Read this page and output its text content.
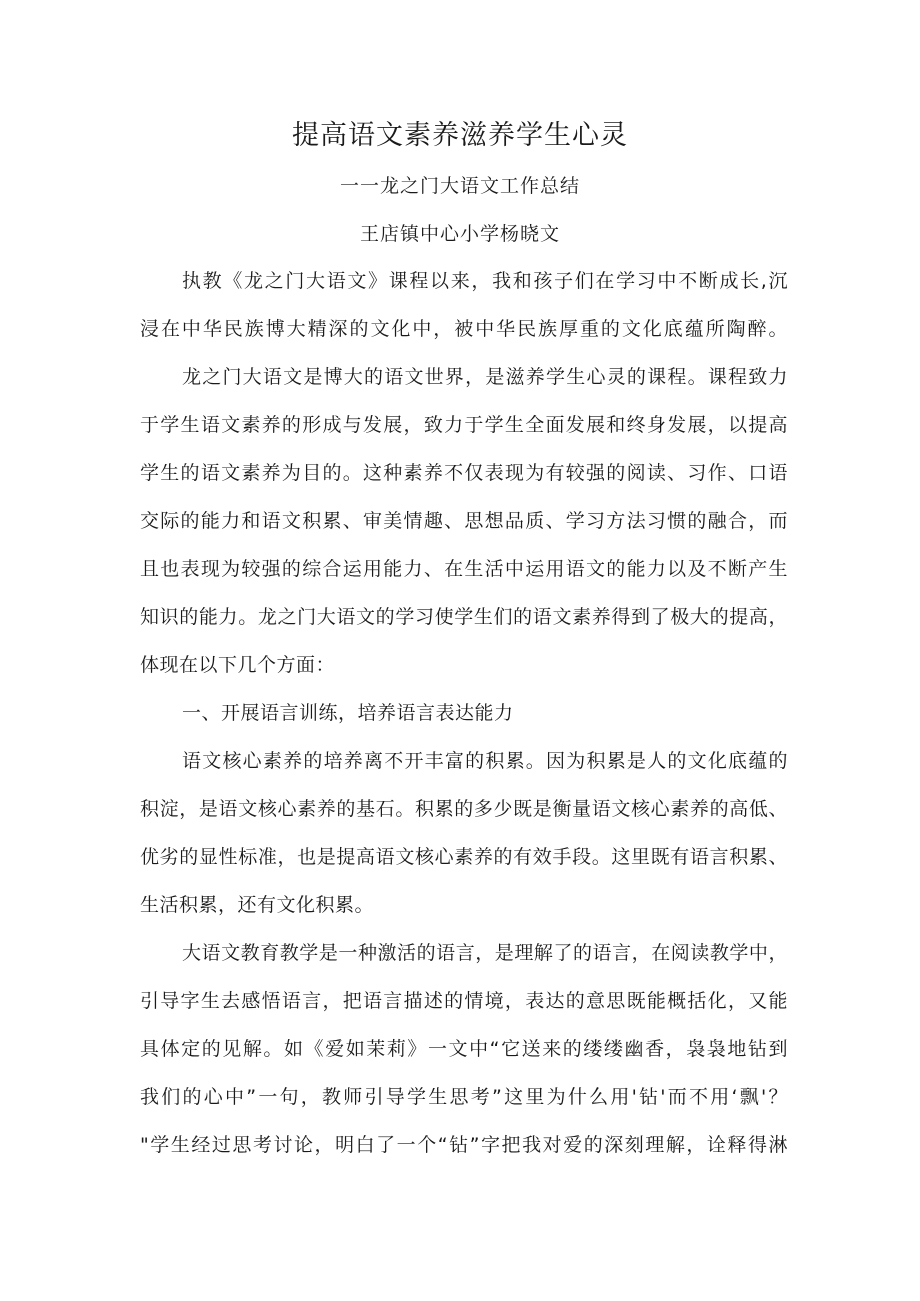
提高语文素养滋养学生心灵
一一龙之门大语文工作总结
王店镇中心小学杨晓文
执教《龙之门大语文》课程以来，我和孩子们在学习中不断成长,沉
浸在中华民族博大精深的文化中，被中华民族厚重的文化底蕴所陶醉。
龙之门大语文是博大的语文世界，是滋养学生心灵的课程。课程致力
于学生语文素养的形成与发展，致力于学生全面发展和终身发展，以提高
学生的语文素养为目的。这种素养不仅表现为有较强的阅读、习作、口语
交际的能力和语文积累、审美情趣、思想品质、学习方法习惯的融合，而
且也表现为较强的综合运用能力、在生活中运用语文的能力以及不断产生
知识的能力。龙之门大语文的学习使学生们的语文素养得到了极大的提高，
体现在以下几个方面：
一、开展语言训练，培养语言表达能力
语文核心素养的培养离不开丰富的积累。因为积累是人的文化底蕴的
积淀，是语文核心素养的基石。积累的多少既是衡量语文核心素养的高低、
优劣的显性标准，也是提高语文核心素养的有效手段。这里既有语言积累、
生活积累，还有文化积累。
大语文教育教学是一种激活的语言，是理解了的语言，在阅读教学中，
引导字生去感悟语言，把语言描述的情境，表达的意思既能概括化，又能
具体定的见解。如《爱如茉莉》一文中“它送来的缕缕幽香，袅袅地钻到
我们的心中”一句，教师引导学生思考”这里为什么用'钻'而不用‘飘'？
"学生经过思考讨论，明白了一个“钻”字把我对爱的深刻理解，诠释得淋
